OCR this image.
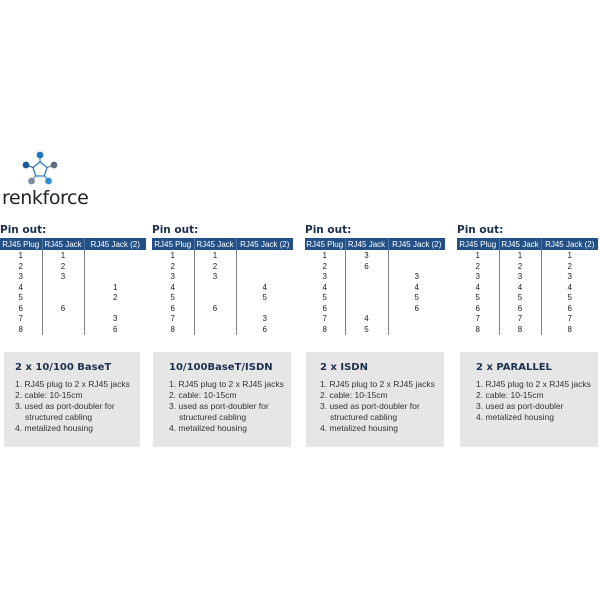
renkforce
Pin out:
RJ45 Plug	RJ45 Jack	RJ45 Jack (2)
1	1	
2	2	
3	3	
4		1
5		2
6	6	
7		3
8		6
Pin out:
RJ45 Plug	RJ45 Jack	RJ45 Jack (2)
1	1	
2	2	
3	3	
4		4
5		5
6	6	
7		3
8		6
Pin out:
RJ45 Plug	RJ45 Jack	RJ45 Jack (2)
1	3	
2	6	
3		3
4		4
5		5
6		6
7	4	
8	5	
Pin out:
RJ45 Plug	RJ45 Jack	RJ45 Jack (2)
1	1	1
2	2	2
3	3	3
4	4	4
5	5	5
6	6	6
7	7	7
8	8	8
2 x 10/100 BaseT
1. RJ45 plug to 2 x RJ45 jacks
2. cable: 10-15cm
3. used as port-doubler for
structured cabling
4. metalized housing
10/100BaseT/ISDN
1. RJ45 plug to 2 x RJ45 jacks
2. cable: 10-15cm
3. used as port-doubler for
structured cabling
4. metalized housing
2 x ISDN
1. RJ45 plug to 2 x RJ45 jacks
2. cable: 10-15cm
3. used as port-doubler for
structured cabling
4. metalized housing
2 x PARALLEL
1. RJ45 plug to 2 x RJ45 jacks
2. cable: 10-15cm
3. used as port-doubler
4. metalized housing
